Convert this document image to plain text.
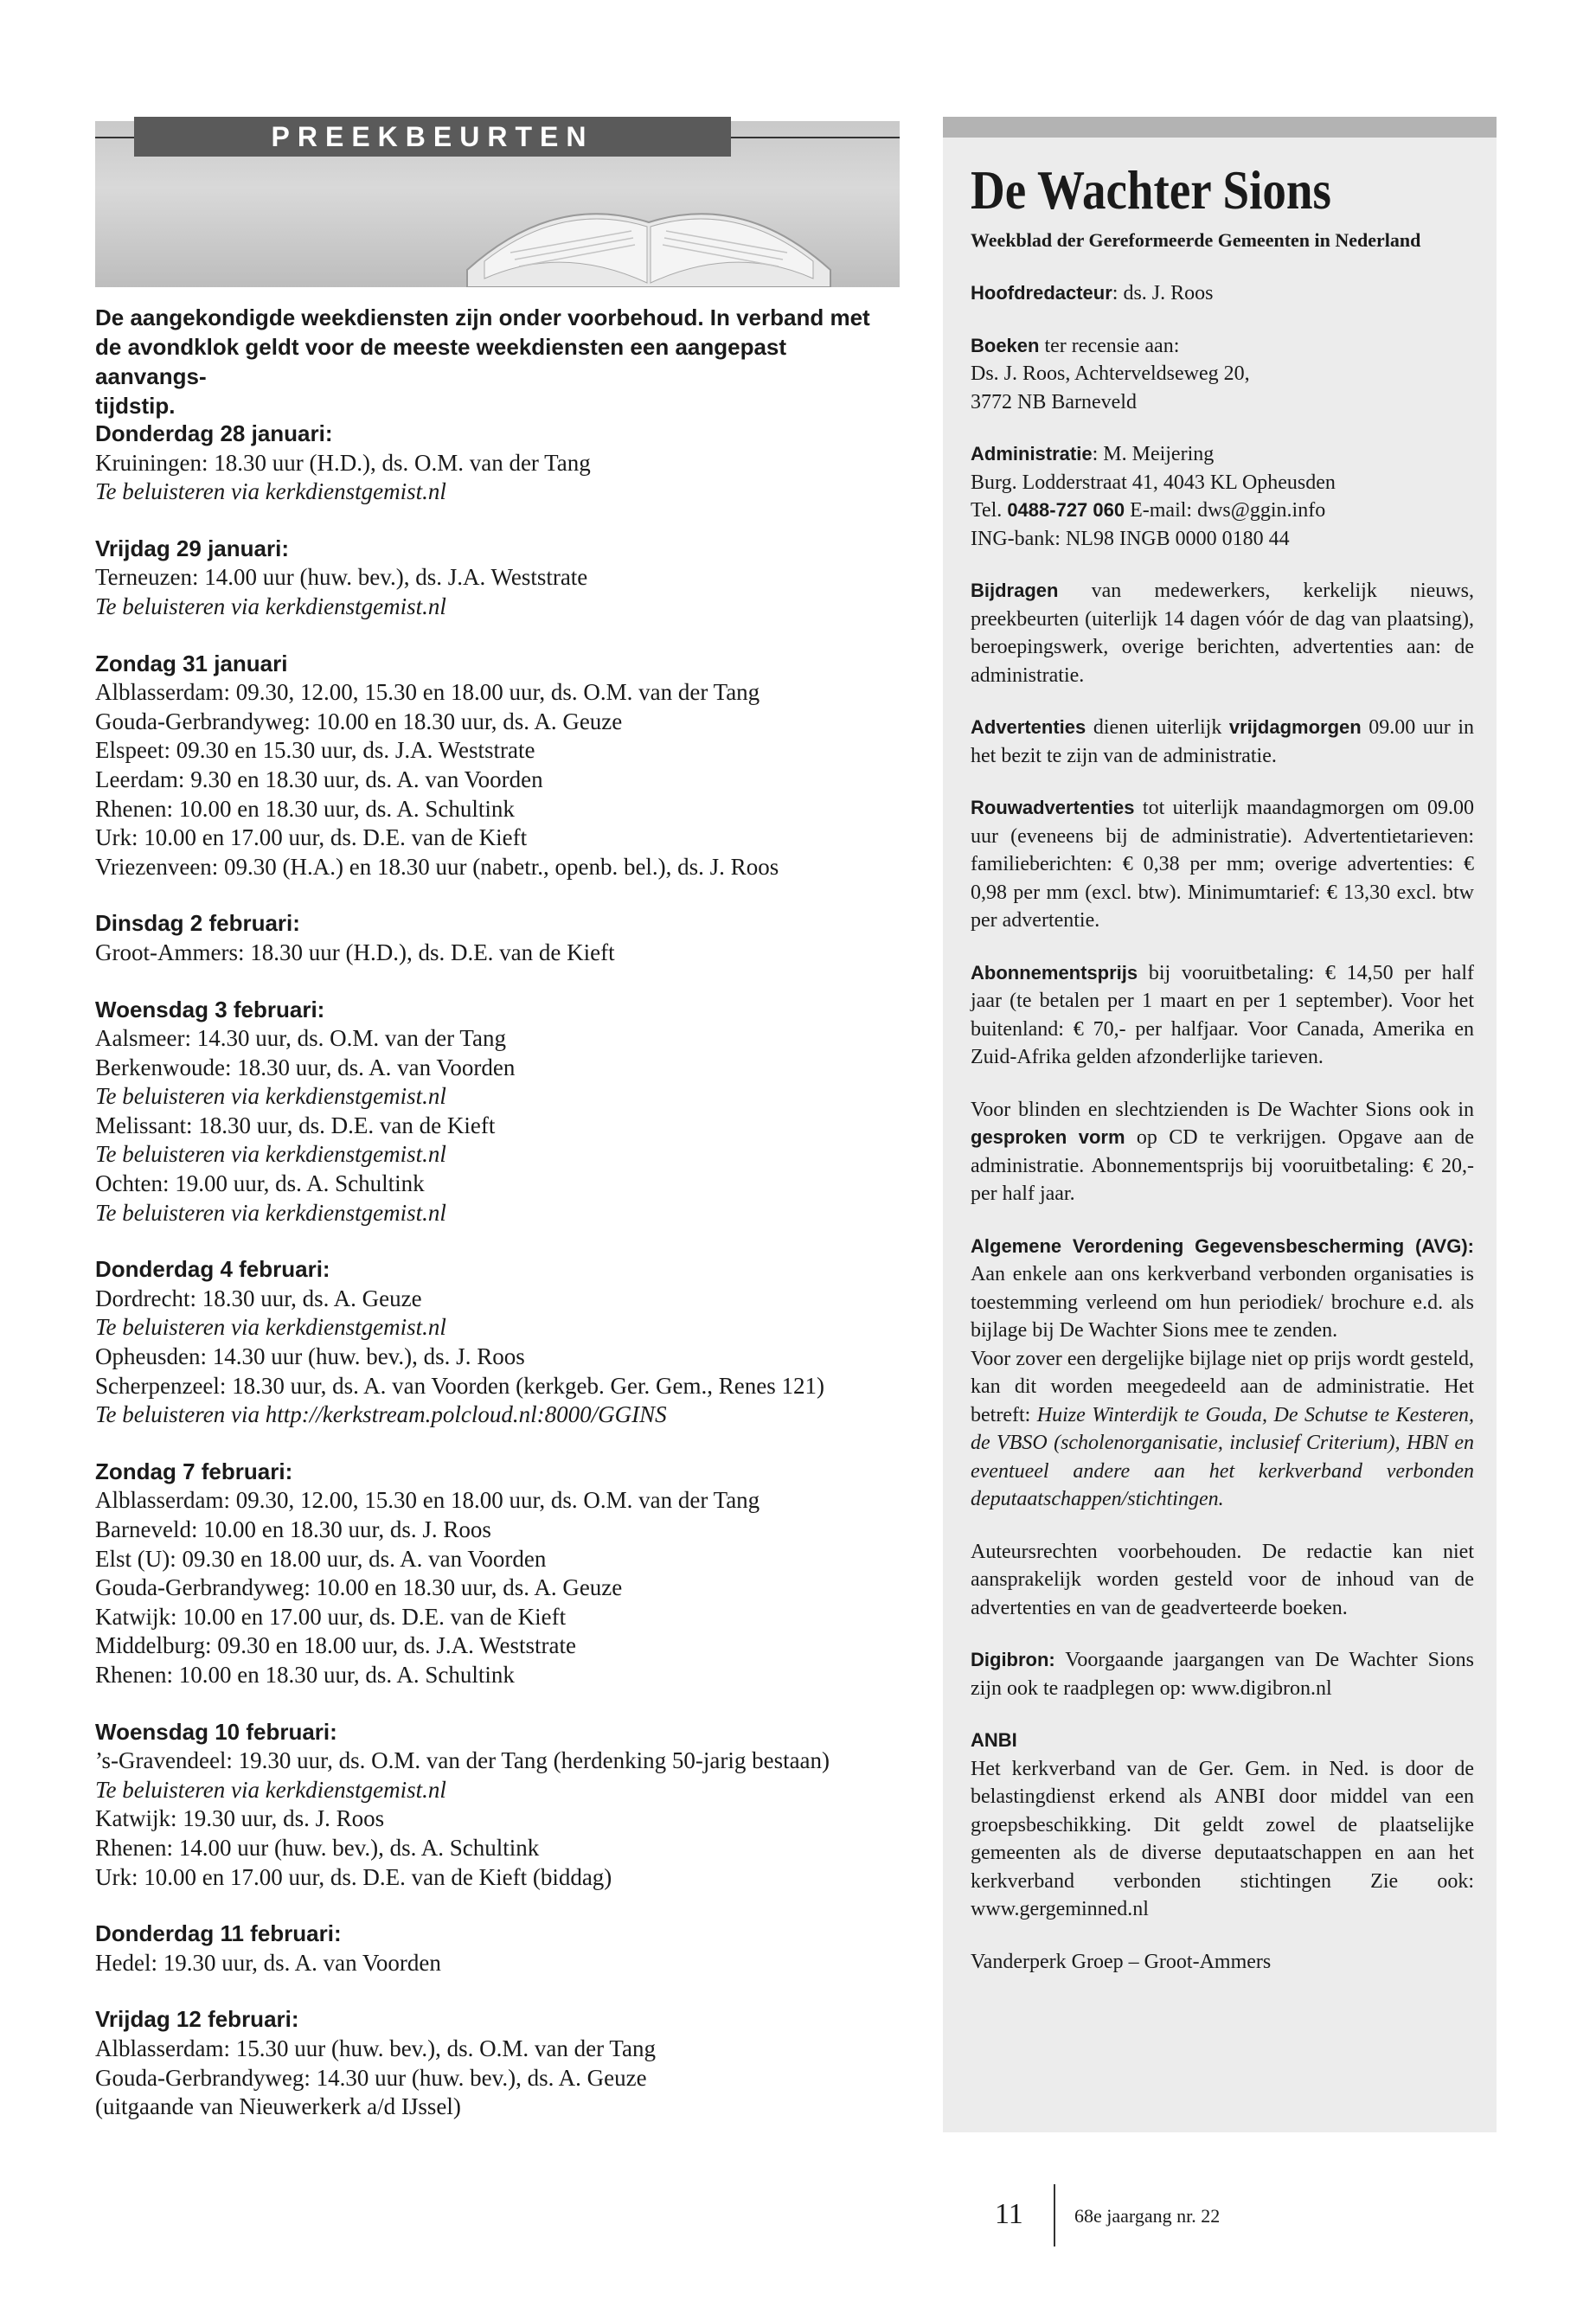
PREEKBEURTEN
De aangekondigde weekdiensten zijn onder voorbehoud. In verband met
de avondklok geldt voor de meeste weekdiensten een aangepast aanvangs-
tijdstip.
Donderdag 28 januari:
Kruiningen: 18.30 uur (H.D.), ds. O.M. van der Tang
Te beluisteren via kerkdienstgemist.nl
Vrijdag 29 januari:
Terneuzen: 14.00 uur (huw. bev.), ds. J.A. Weststrate
Te beluisteren via kerkdienstgemist.nl
Zondag 31 januari
Alblasserdam: 09.30, 12.00, 15.30 en 18.00 uur, ds. O.M. van der Tang
Gouda-Gerbrandyweg: 10.00 en 18.30 uur, ds. A. Geuze
Elspeet: 09.30 en 15.30 uur, ds. J.A. Weststrate
Leerdam: 9.30 en 18.30 uur, ds. A. van Voorden
Rhenen: 10.00 en 18.30 uur, ds. A. Schultink
Urk: 10.00 en 17.00 uur, ds. D.E. van de Kieft
Vriezenveen: 09.30 (H.A.) en 18.30 uur (nabetr., openb. bel.), ds. J. Roos
Dinsdag 2 februari:
Groot-Ammers: 18.30 uur (H.D.), ds. D.E. van de Kieft
Woensdag 3 februari:
Aalsmeer: 14.30 uur, ds. O.M. van der Tang
Berkenwoude: 18.30 uur, ds. A. van Voorden
Te beluisteren via kerkdienstgemist.nl
Melissant: 18.30 uur, ds. D.E. van de Kieft
Te beluisteren via kerkdienstgemist.nl
Ochten: 19.00 uur, ds. A. Schultink
Te beluisteren via kerkdienstgemist.nl
Donderdag 4 februari:
Dordrecht: 18.30 uur, ds. A. Geuze
Te beluisteren via kerkdienstgemist.nl
Opheusden: 14.30 uur (huw. bev.), ds. J. Roos
Scherpenzeel: 18.30 uur, ds. A. van Voorden (kerkgeb. Ger. Gem., Renes 121)
Te beluisteren via http://kerkstream.polcloud.nl:8000/GGINS
Zondag 7 februari:
Alblasserdam: 09.30, 12.00, 15.30 en 18.00 uur, ds. O.M. van der Tang
Barneveld: 10.00 en 18.30 uur, ds. J. Roos
Elst (U): 09.30 en 18.00 uur, ds. A. van Voorden
Gouda-Gerbrandyweg: 10.00 en 18.30 uur, ds. A. Geuze
Katwijk: 10.00 en 17.00 uur, ds. D.E. van de Kieft
Middelburg: 09.30 en 18.00 uur, ds. J.A. Weststrate
Rhenen: 10.00 en 18.30 uur, ds. A. Schultink
Woensdag 10 februari:
’s-Gravendeel: 19.30 uur, ds. O.M. van der Tang (herdenking 50-jarig bestaan)
Te beluisteren via kerkdienstgemist.nl
Katwijk: 19.30 uur, ds. J. Roos
Rhenen: 14.00 uur (huw. bev.), ds. A. Schultink
Urk: 10.00 en 17.00 uur, ds. D.E. van de Kieft (biddag)
Donderdag 11 februari:
Hedel: 19.30 uur, ds. A. van Voorden
Vrijdag 12 februari:
Alblasserdam: 15.30 uur (huw. bev.), ds. O.M. van der Tang
Gouda-Gerbrandyweg: 14.30 uur (huw. bev.), ds. A. Geuze
(uitgaande van Nieuwerkerk a/d IJssel)
De Wachter Sions
Weekblad der Gereformeerde Gemeenten in Nederland

Hoofdredacteur: ds. J. Roos

Boeken ter recensie aan:
Ds. J. Roos, Achterveldseweg 20,
3772 NB Barneveld

Administratie: M. Meijering
Burg. Lodderstraat 41, 4043 KL Opheusden
Tel. 0488-727 060 E-mail: dws@ggin.info
ING-bank: NL98 INGB 0000 0180 44

Bijdragen van medewerkers, kerkelijk nieuws, preekbeurten (uiterlijk 14 dagen vóór de dag van plaatsing), beroepingswerk, overige berichten, advertenties aan: de administratie.

Advertenties dienen uiterlijk vrijdagmorgen 09.00 uur in het bezit te zijn van de administratie.

Rouwadvertenties tot uiterlijk maandagmorgen om 09.00 uur (eveneens bij de administratie). Advertentietarieven: familieberichten: € 0,38 per mm; overige advertenties: € 0,98 per mm (excl. btw). Minimumtarief: € 13,30 excl. btw per advertentie.

Abonnementsprijs bij vooruitbetaling: € 14,50 per half jaar (te betalen per 1 maart en per 1 september). Voor het buitenland: € 70,- per halfjaar. Voor Canada, Amerika en Zuid-Afrika gelden afzonderlijke tarieven.

Voor blinden en slechtzienden is De Wachter Sions ook in gesproken vorm op CD te verkrijgen. Opgave aan de administratie. Abonnementsprijs bij vooruitbetaling: € 20,- per half jaar.

Algemene Verordening Gegevensbescherming (AVG): Aan enkele aan ons kerkverband verbonden organisaties is toestemming verleend om hun periodiek/ brochure e.d. als bijlage bij De Wachter Sions mee te zenden.
Voor zover een dergelijke bijlage niet op prijs wordt gesteld, kan dit worden meegedeeld aan de administratie. Het betreft: Huize Winterdijk te Gouda, De Schutse te Kesteren, de VBSO (scholenorganisatie, inclusief Criterium), HBN en eventueel andere aan het kerkverband verbonden deputaatschappen/stichtingen.

Auteursrechten voorbehouden. De redactie kan niet aansprakelijk worden gesteld voor de inhoud van de advertenties en van de geadverteerde boeken.

Digibron: Voorgaande jaargangen van De Wachter Sions zijn ook te raadplegen op: www.digibron.nl

ANBI
Het kerkverband van de Ger. Gem. in Ned. is door de belastingdienst erkend als ANBI door middel van een groepsbeschikking. Dit geldt zowel de plaatselijke gemeenten als de diverse deputaatschappen en aan het kerkverband verbonden stichtingen Zie ook: www.gergeminned.nl

Vanderperk Groep – Groot-Ammers

11	68e jaargang nr. 22
